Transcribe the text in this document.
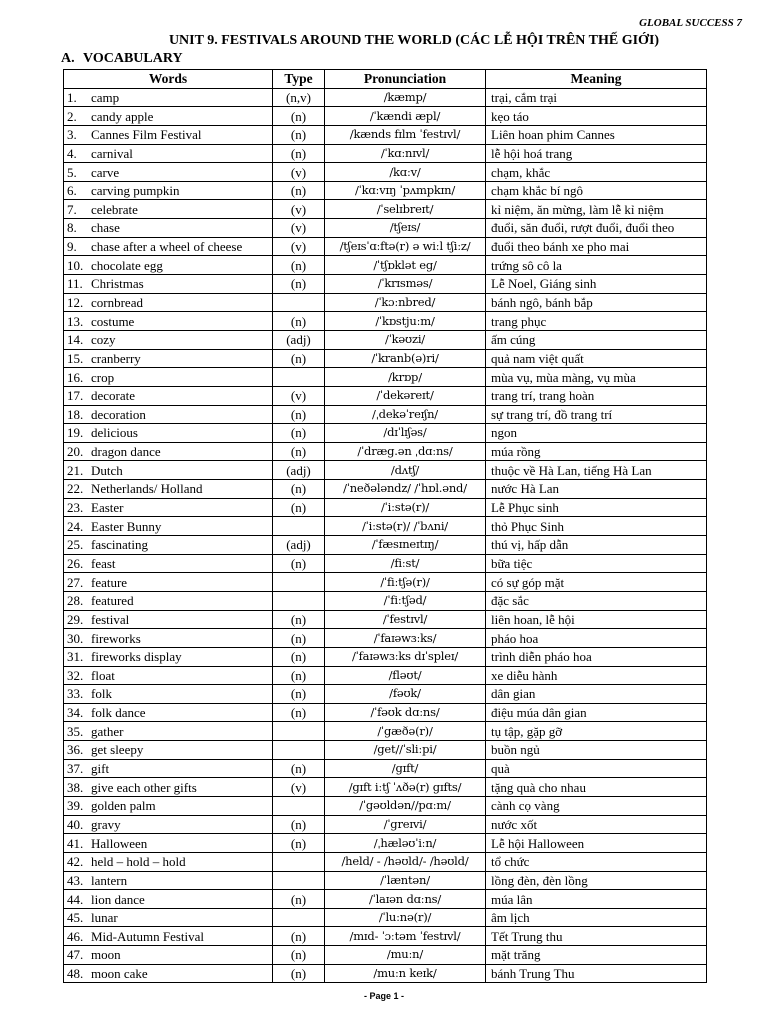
GLOBAL SUCCESS 7
UNIT 9. FESTIVALS AROUND THE WORLD (CÁC LỄ HỘI TRÊN THẾ GIỚI)
A. VOCABULARY
Words	Type	Pronunciation	Meaning
1. camp	(n,v)	/kæmp/	trại, cắm trại
2. candy apple	(n)	/ˈkændi æpl/	kẹo táo
3. Cannes Film Festival	(n)	/kænds fɪlm ˈfestɪvl/	Liên hoan phim Cannes
4. carnival	(n)	/ˈkɑːnɪvl/	lễ hội hoá trang
5. carve	(v)	/kɑːv/	chạm, khắc
6. carving pumpkin	(n)	/ˈkɑːvɪŋ ˈpʌmpkɪn/	chạm khắc bí ngô
7. celebrate	(v)	/ˈselɪbreɪt/	kỉ niệm, ăn mừng, làm lễ kỉ niệm
8. chase	(v)	/tʃeɪs/	đuổi, săn đuổi, rượt đuổi, đuổi theo
9. chase after a wheel of cheese	(v)	/tʃeɪsˈɑːftə(r) ə wiːl tʃiːz/	đuổi theo bánh xe pho mai
10. chocolate egg	(n)	/ˈtʃɒklət eg/	trứng sô cô la
11. Christmas	(n)	/ˈkrɪsməs/	Lễ Noel, Giáng sinh
12. cornbread		/ˈkɔːnbred/	bánh ngô, bánh bắp
13. costume	(n)	/ˈkɒstjuːm/	trang phục
14. cozy	(adj)	/ˈkəʊzi/	ấm cúng
15. cranberry	(n)	/ˈkranb(ə)ri/	quả nam việt quất
16. crop		/krɒp/	mùa vụ, mùa màng, vụ mùa
17. decorate	(v)	/ˈdekəreɪt/	trang trí, trang hoàn
18. decoration	(n)	/ˌdekəˈreɪʃn/	sự trang trí, đồ trang trí
19. delicious	(n)	/dɪˈlɪʃəs/	ngon
20. dragon dance	(n)	/ˈdræg.ən ˌdɑːns/	múa rồng
21. Dutch	(adj)	/dʌtʃ/	thuộc về Hà Lan, tiếng Hà Lan
22. Netherlands/ Holland	(n)	/ˈneðələndz/ /ˈhɒl.ənd/	nước Hà Lan
23. Easter	(n)	/ˈiːstə(r)/	Lễ Phục sinh
24. Easter Bunny		/ˈiːstə(r)/ /ˈbʌni/	thỏ Phục Sinh
25. fascinating	(adj)	/ˈfæsɪneɪtɪŋ/	thú vị, hấp dẫn
26. feast	(n)	/fiːst/	bữa tiệc
27. feature		/ˈfiːtʃə(r)/	có sự góp mặt
28. featured		/ˈfiːtʃəd/	đặc sắc
29. festival	(n)	/ˈfestɪvl/	liên hoan, lễ hội
30. fireworks	(n)	/ˈfaɪəwɜːks/	pháo hoa
31. fireworks display	(n)	/ˈfaɪəwɜːks dɪˈspleɪ/	trình diễn pháo hoa
32. float	(n)	/fləʊt/	xe diễu hành
33. folk	(n)	/fəʊk/	dân gian
34. folk dance	(n)	/ˈfəʊk dɑːns/	điệu múa dân gian
35. gather		/ˈgæðə(r)/	tụ tập, gặp gỡ
36. get sleepy		/get//ˈsliːpi/	buồn ngủ
37. gift	(n)	/gɪft/	quà
38. give each other gifts	(v)	/gɪft iːtʃ ˈʌðə(r) gɪfts/	tặng quà cho nhau
39. golden palm		/ˈgəʊldən//pɑːm/	cành cọ vàng
40. gravy	(n)	/ˈgreɪvi/	nước xốt
41. Halloween	(n)	/ˌhæləʊˈiːn/	Lễ hội Halloween
42. held – hold – hold		/held/ - /həʊld/- /həʊld/	tổ chức
43. lantern		/ˈlæntən/	lồng đèn, đèn lồng
44. lion dance	(n)	/ˈlaɪən dɑːns/	múa lân
45. lunar		/ˈluːnə(r)/	âm lịch
46. Mid-Autumn Festival	(n)	/mɪd- ˈɔːtəm ˈfestɪvl/	Tết Trung thu
47. moon	(n)	/muːn/	mặt trăng
48. moon cake	(n)	/muːn keɪk/	bánh Trung Thu
- Page 1 -
